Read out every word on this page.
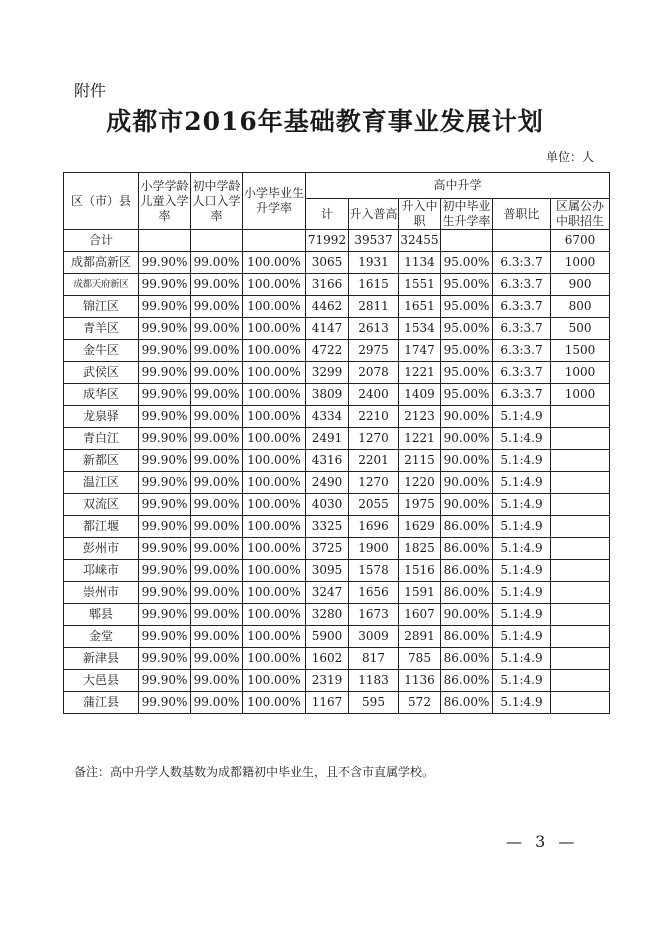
附件
成都市2016年基础教育事业发展计划
单位：人
区（市）县	小学学龄儿童入学率	初中学龄人口入学率	小学毕业生升学率	高中升学					
				计	升入普高	升入中职	初中毕业生升学率	普职比	区属公办中职招生

合计				71992	39537	32455			6700
成都高新区	99.90%	99.00%	100.00%	3065	1931	1134	95.00%	6.3:3.7	1000
成都天府新区	99.90%	99.00%	100.00%	3166	1615	1551	95.00%	6.3:3.7	900
锦江区	99.90%	99.00%	100.00%	4462	2811	1651	95.00%	6.3:3.7	800
青羊区	99.90%	99.00%	100.00%	4147	2613	1534	95.00%	6.3:3.7	500
金牛区	99.90%	99.00%	100.00%	4722	2975	1747	95.00%	6.3:3.7	1500
武侯区	99.90%	99.00%	100.00%	3299	2078	1221	95.00%	6.3:3.7	1000
成华区	99.90%	99.00%	100.00%	3809	2400	1409	95.00%	6.3:3.7	1000
龙泉驿	99.90%	99.00%	100.00%	4334	2210	2123	90.00%	5.1:4.9	
青白江	99.90%	99.00%	100.00%	2491	1270	1221	90.00%	5.1:4.9	
新都区	99.90%	99.00%	100.00%	4316	2201	2115	90.00%	5.1:4.9	
温江区	99.90%	99.00%	100.00%	2490	1270	1220	90.00%	5.1:4.9	
双流区	99.90%	99.00%	100.00%	4030	2055	1975	90.00%	5.1:4.9	
都江堰	99.90%	99.00%	100.00%	3325	1696	1629	86.00%	5.1:4.9	
彭州市	99.90%	99.00%	100.00%	3725	1900	1825	86.00%	5.1:4.9	
邛崃市	99.90%	99.00%	100.00%	3095	1578	1516	86.00%	5.1:4.9	
崇州市	99.90%	99.00%	100.00%	3247	1656	1591	86.00%	5.1:4.9	
郫县	99.90%	99.00%	100.00%	3280	1673	1607	90.00%	5.1:4.9	
金堂	99.90%	99.00%	100.00%	5900	3009	2891	86.00%	5.1:4.9	
新津县	99.90%	99.00%	100.00%	1602	817	785	86.00%	5.1:4.9	
大邑县	99.90%	99.00%	100.00%	2319	1183	1136	86.00%	5.1:4.9	
蒲江县	99.90%	99.00%	100.00%	1167	595	572	86.00%	5.1:4.9	
备注：高中升学人数基数为成都籍初中毕业生，且不含市直属学校。
— 3 —
